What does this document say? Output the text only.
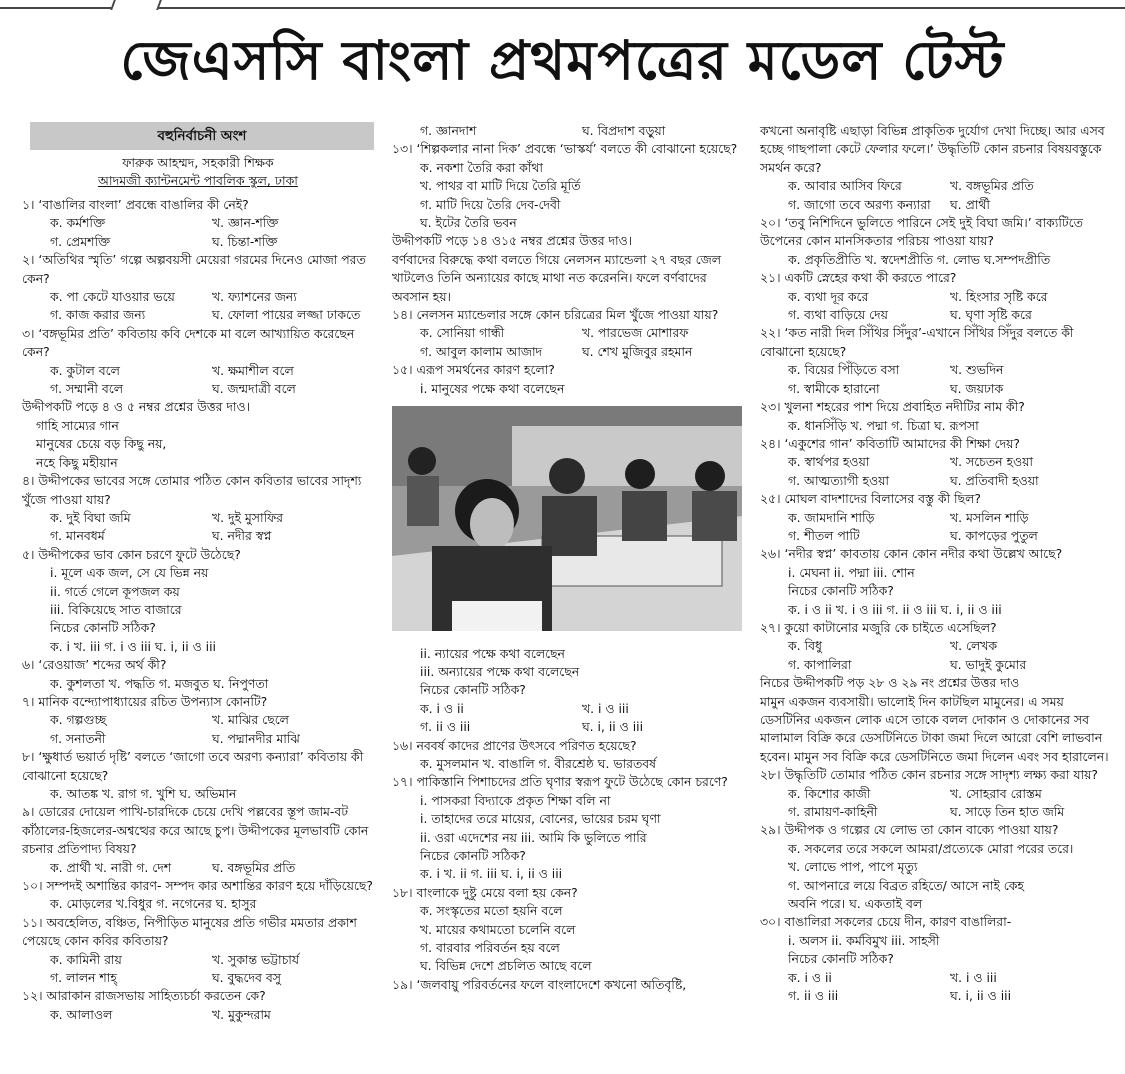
জেএসসি বাংলা প্রথমপত্রের মডেল টেস্ট
বহুনির্বাচনী অংশ
ফারুক আহম্মদ, সহকারী শিক্ষক
আদমজী ক্যান্টনমেন্ট পাবলিক স্কুল, ঢাকা
১। ‘বাঙালির বাংলা’ প্রবন্ধে বাঙালির কী নেই?
ক. কর্মশক্তি	খ. জ্ঞান-শক্তি
গ. প্রেমশক্তি	ঘ. চিন্তা-শক্তি
২। ‘অতিথির স্মৃতি’ গল্পে অল্পবয়সী মেয়েরা গরমের দিনেও মোজা পরত কেন?
ক. পা কেটে যাওয়ার ভয়ে	খ. ফ্যাশনের জন্য
গ. কাজ করার জন্য	ঘ. ফোলা পায়ের লজ্জা ঢাকতে
৩। ‘বঙ্গভূমির প্রতি’ কবিতায় কবি দেশকে মা বলে আখ্যায়িত করেছেন কেন?
ক. কুটাল বলে	খ. ক্ষমাশীল বলে
গ. সম্মানী বলে	ঘ. জন্মদাত্রী বলে
উদ্দীপকটি পড়ে ৪ ও ৫ নম্বর প্রশ্নের উত্তর দাও।
গাহি সাম্যের গান
মানুষের চেয়ে বড় কিছু নয়,
নহে কিছু মহীয়ান
৪। উদ্দীপকের ভাবের সঙ্গে তোমার পঠিত কোন কবিতার ভাবের সাদৃশ্য খুঁজে পাওয়া যায়?
ক. দুই বিঘা জমি	খ. দুই মুসাফির
গ. মানবধর্ম	ঘ. নদীর স্বপ্ন
৫। উদ্দীপকের ভাব কোন চরণে ফুটে উঠেছে?
i. মূলে এক জল, সে যে ভিন্ন নয়
ii. গর্তে গেলে কূপজল কয়
iii. বিকিয়েছে সাত বাজারে
নিচের কোনটি সঠিক?
ক. i খ. iii গ. i ও iii ঘ. i, ii ও iii
৬। ‘রেওয়াজ’ শব্দের অর্থ কী?
ক. কুশলতা খ. পদ্ধতি গ. মজবুত ঘ. নিপুণতা
৭। মানিক বন্দ্যোপাধ্যায়ের রচিত উপন্যাস কোনটি?
ক. গল্পগুচ্ছ	খ. মাঝির ছেলে
গ. সনাতনী	ঘ. পদ্মানদীর মাঝি
৮। ‘ক্ষুধার্ত ভয়ার্ত দৃষ্টি’ বলতে ‘জাগো তবে অরণ্য কন্যারা’ কবিতায় কী বোঝানো হয়েছে?
ক. আতঙ্ক খ. রাগ গ. খুশি ঘ. অভিমান
৯। ডোরের দোয়েল পাখি-চারদিকে চেয়ে দেখি পল্লবের স্তূপ জাম-বট কাঁঠালের-হিজলের-অশ্বত্থের করে আছে চুপ। উদ্দীপকের মূলভাবটি কোন রচনার প্রতিপাদ্য বিষয়?
ক. প্রার্থী খ. নারী গ. দেশ	ঘ. বঙ্গভূমির প্রতি
১০। সম্পদই অশান্তির কারণ- সম্পদ কার অশান্তির কারণ হয়ে দাঁড়িয়েছে?
ক. মোড়লের খ.বিধুর গ. নগেনের ঘ. হাসুর
১১। অবহেলিত, বঞ্চিত, নিপীড়িত মানুষের প্রতি গভীর মমতার প্রকাশ পেয়েছে কোন কবির কবিতায়?
ক. কামিনী রায়	খ. সুকান্ত ভট্টাচার্য
গ. লালন শাহ্	ঘ. বুদ্ধদেব বসু
১২। আরাকান রাজসভায় সাহিত্যচর্চা করতেন কে?
ক. আলাওল	খ. মুকুন্দরাম
গ. জ্ঞানদাশ	ঘ. বিপ্রদাশ বড়ুয়া
১৩। ‘শিল্পকলার নানা দিক’ প্রবন্ধে ‘ভাস্কর্য’ বলতে কী বোঝানো হয়েছে?
ক. নকশা তৈরি করা কাঁথা
খ. পাথর বা মাটি দিয়ে তৈরি মূর্তি
গ. মাটি দিয়ে তৈরি দেব-দেবী
ঘ. ইটের তৈরি ভবন
উদ্দীপকটি পড়ে ১৪ ও১৫ নম্বর প্রশ্নের উত্তর দাও।
বর্ণবাদের বিরুদ্ধে কথা বলতে গিয়ে নেলসন ম্যান্ডেলা ২৭ বছর জেল খাটলেও তিনি অন্যায়ের কাছে মাথা নত করেননি। ফলে বর্ণবাদের অবসান হয়।
১৪। নেলসন ম্যান্ডেলার সঙ্গে কোন চরিত্রের মিল খুঁজে পাওয়া যায়?
ক. সোনিয়া গান্ধী	খ. পারভেজ মোশারফ
গ. আবুল কালাম আজাদ	ঘ. শেখ মুজিবুর রহমান
১৫। এরূপ সমর্থনের কারণ হলো?
i. মানুষের পক্ষে কথা বলেছেন
ii. ন্যায়ের পক্ষে কথা বলেছেন
iii. অন্যায়ের পক্ষে কথা বলেছেন
নিচের কোনটি সঠিক?
ক. i ও ii	খ. i ও iii
গ. ii ও iii	ঘ. i, ii ও iii
১৬। নববর্ষ কাদের প্রাণের উৎসবে পরিণত হয়েছে?
ক. মুসলমান খ. বাঙালি গ. বীরশ্রেষ্ঠ ঘ. ভারতবর্ষ
১৭। পাকিস্তানি পিশাচদের প্রতি ঘৃণার স্বরূপ ফুটে উঠেছে কোন চরণে?
i. পাসকরা বিদ্যাকে প্রকৃত শিক্ষা বলি না
i. তাহাদের তরে মায়ের, বোনের, ভায়ের চরম ঘৃণা
ii. ওরা এদেশের নয় iii. আমি কি ভুলিতে পারি
নিচের কোনটি সঠিক?
ক. i খ. ii গ. iii ঘ. i, ii ও iii
১৮। বাংলাকে দুষ্টু মেয়ে বলা হয় কেন?
ক. সংস্কৃতের মতো হয়নি বলে
খ. মায়ের কথামতো চলেনি বলে
গ. বারবার পরিবর্তন হয় বলে
ঘ. বিভিন্ন দেশে প্রচলিত আছে বলে
১৯। ‘জলবায়ু পরিবর্তনের ফলে বাংলাদেশে কখনো অতিবৃষ্টি,
কখনো অনাবৃষ্টি এছাড়া বিভিন্ন প্রাকৃতিক দুর্যোগ দেখা দিচ্ছে। আর এসব হচ্ছে গাছপালা কেটে ফেলার ফলে।’ উদ্ধৃতিটি কোন রচনার বিষয়বস্তুকে সমর্থন করে?
ক. আবার আসিব ফিরে	খ. বঙ্গভূমির প্রতি
গ. জাগো তবে অরণ্য কন্যারা	ঘ. প্রার্থী
২০। ‘তবু নিশিদিনে ভুলিতে পারিনে সেই দুই বিঘা জমি।’ বাক্যটিতে উপেনের কোন মানসিকতার পরিচয় পাওয়া যায়?
ক. প্রকৃতিপ্রীতি খ. স্বদেশপ্রীতি গ. লোভ ঘ.সম্পদপ্রীতি
২১। একটি স্নেহের কথা কী করতে পারে?
ক. ব্যথা দূর করে	খ. হিংসার সৃষ্টি করে
গ. ব্যথা বাড়িয়ে দেয়	ঘ. ঘৃণা সৃষ্টি করে
২২। ‘কত নারী দিল সিঁথির সিঁদুর’-এখানে সিঁথির সিঁদুর বলতে কী বোঝানো হয়েছে?
ক. বিয়ের পিঁড়িতে বসা	খ. শুভদিন
গ. স্বামীকে হারানো	ঘ. জয়ঢাক
২৩। খুলনা শহরের পাশ দিয়ে প্রবাহিত নদীটির নাম কী?
ক. ধানসিঁড়ি খ. পদ্মা গ. চিত্রা ঘ. রূপসা
২৪। ‘একুশের গান’ কবিতাটি আমাদের কী শিক্ষা দেয়?
ক. স্বার্থপর হওয়া	খ. সচেতন হওয়া
গ. আত্মত্যাগী হওয়া	ঘ. প্রতিবাদী হওয়া
২৫। মোঘল বাদশাদের বিলাসের বস্তু কী ছিল?
ক. জামদানি শাড়ি	খ. মসলিন শাড়ি
গ. শীতল পাটি	ঘ. কাপড়ের পুতুল
২৬। ‘নদীর স্বপ্ন’ কাবতায় কোন কোন নদীর কথা উল্লেখ আছে?
i. মেঘনা ii. পদ্মা iii. শোন
নিচের কোনটি সঠিক?
ক. i ও ii খ. i ও iii গ. ii ও iii ঘ. i, ii ও iii
২৭। কুয়ো কাটানোর মজুরি কে চাইতে এসেছিল?
ক. বিধু	খ. লেখক
গ. কাপালিরা	ঘ. ভাদুই কুমোর
নিচের উদ্দীপকটি পড় ২৮ ও ২৯ নং প্রশ্নের উত্তর দাও
মামুন একজন ব্যবসায়ী। ভালোই দিন কাটছিল মামুনের। এ সময় ডেসটিনির একজন লোক এসে তাকে বলল দোকান ও দোকানের সব মালামাল বিক্রি করে ডেসটিনিতে টাকা জমা দিলে আরো বেশি লাভবান হবেন। মামুন সব বিক্রি করে ডেসটিনিতে জমা দিলেন এবং সব হারালেন।
২৮। উদ্ধৃতিটি তোমার পঠিত কোন রচনার সঙ্গে সাদৃশ্য লক্ষ্য করা যায়?
ক. কিশোর কাজী	খ. সোহরাব রোস্তম
গ. রামায়ণ-কাহিনী	ঘ. সাড়ে তিন হাত জমি
২৯। উদ্দীপক ও গল্পের যে লোভ তা কোন বাক্যে পাওয়া যায়?
ক. সকলের তরে সকলে আমরা/প্রত্যেকে মোরা পরের তরে।
খ. লোভে পাপ, পাপে মৃত্যু
গ. আপনারে লয়ে বিব্রত রহিতে/ আসে নাই কেহ
অবনি পরে। ঘ. একতাই বল
৩০। বাঙালিরা সকলের চেয়ে দীন, কারণ বাঙালিরা-
i. অলস ii. কর্মবিমুখ iii. সাহসী
নিচের কোনটি সঠিক?
ক. i ও ii	খ. i ও iii
গ. ii ও iii	ঘ. i, ii ও iii
